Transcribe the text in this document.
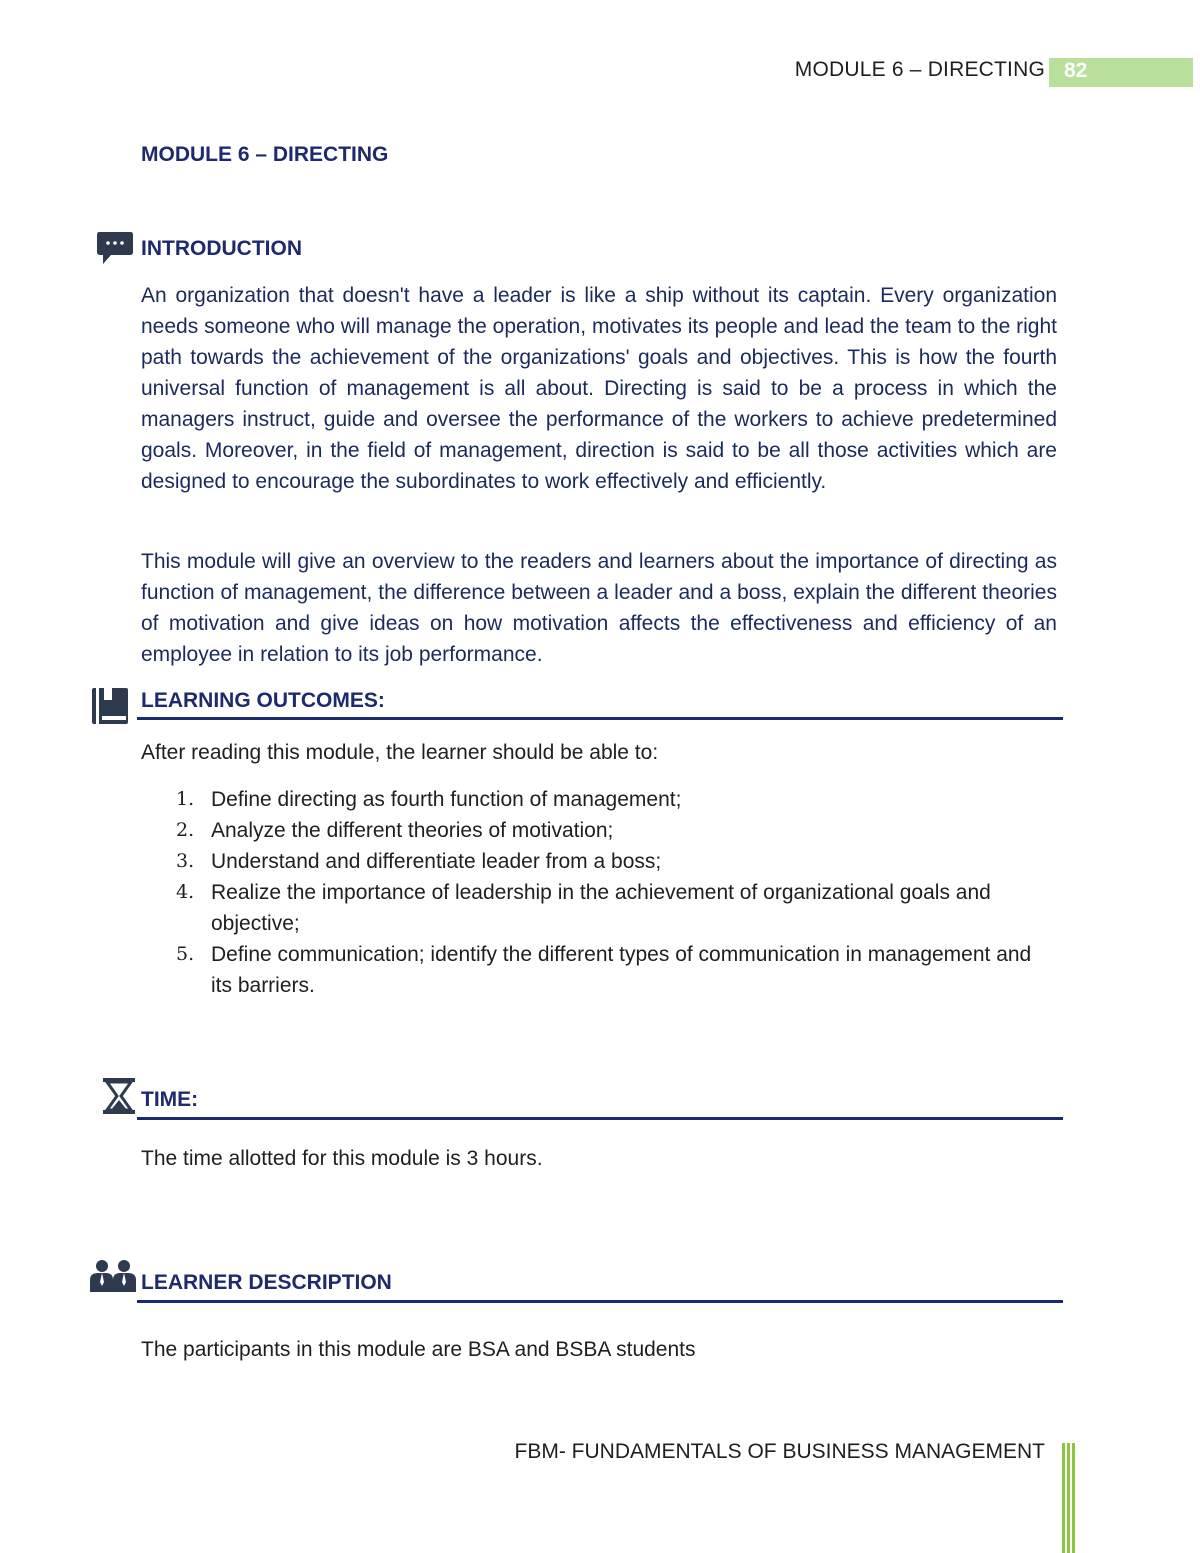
MODULE 6 – DIRECTING 82
MODULE 6 – DIRECTING
INTRODUCTION

An organization that doesn't have a leader is like a ship without its captain. Every organization needs someone who will manage the operation, motivates its people and lead the team to the right path towards the achievement of the organizations' goals and objectives. This is how the fourth universal function of management is all about. Directing is said to be a process in which the managers instruct, guide and oversee the performance of the workers to achieve predetermined goals. Moreover, in the field of management, direction is said to be all those activities which are designed to encourage the subordinates to work effectively and efficiently.

This module will give an overview to the readers and learners about the importance of directing as function of management, the difference between a leader and a boss, explain the different theories of motivation and give ideas on how motivation affects the effectiveness and efficiency of an employee in relation to its job performance.

LEARNING OUTCOMES:

After reading this module, the learner should be able to:

1. Define directing as fourth function of management;
2. Analyze the different theories of motivation;
3. Understand and differentiate leader from a boss;
4. Realize the importance of leadership in the achievement of organizational goals and objective;
5. Define communication; identify the different types of communication in management and its barriers.
TIME:

The time allotted for this module is 3 hours.

LEARNER DESCRIPTION

The participants in this module are BSA and BSBA students

FBM- FUNDAMENTALS OF BUSINESS MANAGEMENT
